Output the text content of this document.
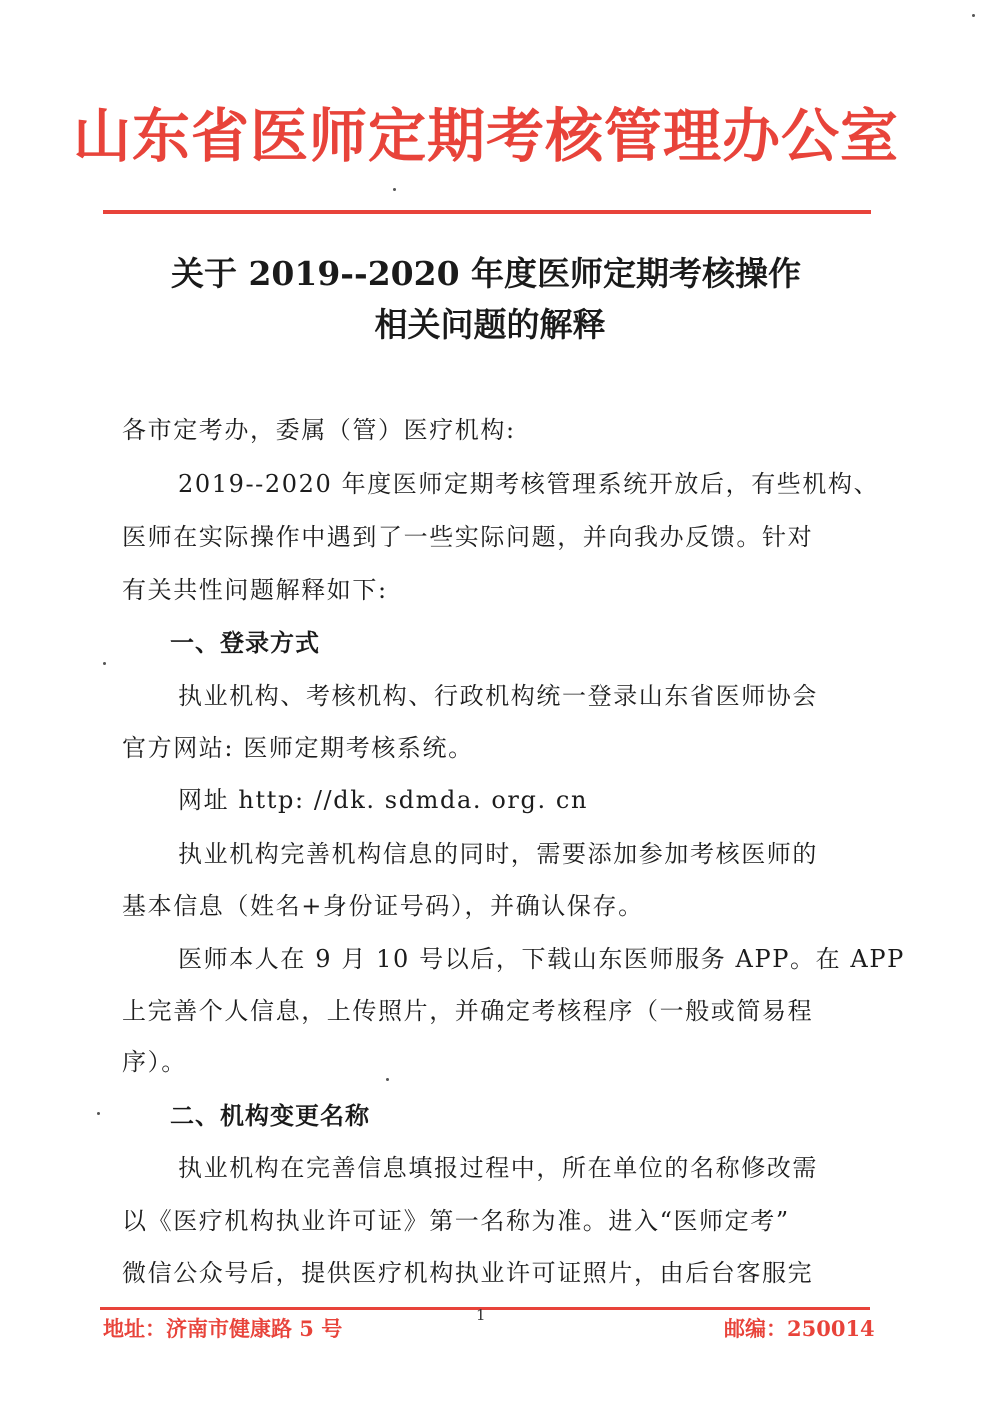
山东省医师定期考核管理办公室
关于 2019--2020 年度医师定期考核操作
相关问题的解释
各市定考办，委属（管）医疗机构:
2019--2020 年度医师定期考核管理系统开放后，有些机构、
医师在实际操作中遇到了一些实际问题，并向我办反馈。针对
有关共性问题解释如下:
一、登录方式
执业机构、考核机构、行政机构统一登录山东省医师协会
官方网站: 医师定期考核系统。
网址 http: //dk. sdmda. org. cn
执业机构完善机构信息的同时，需要添加参加考核医师的
基本信息（姓名+身份证号码），并确认保存。
医师本人在 9 月 10 号以后，下载山东医师服务 APP。在 APP
上完善个人信息，上传照片，并确定考核程序（一般或简易程
序）。
二、机构变更名称
执业机构在完善信息填报过程中，所在单位的名称修改需
以《医疗机构执业许可证》第一名称为准。进入“医师定考”
微信公众号后，提供医疗机构执业许可证照片，由后台客服完
1
地址：济南市健康路 5 号	邮编：250014
